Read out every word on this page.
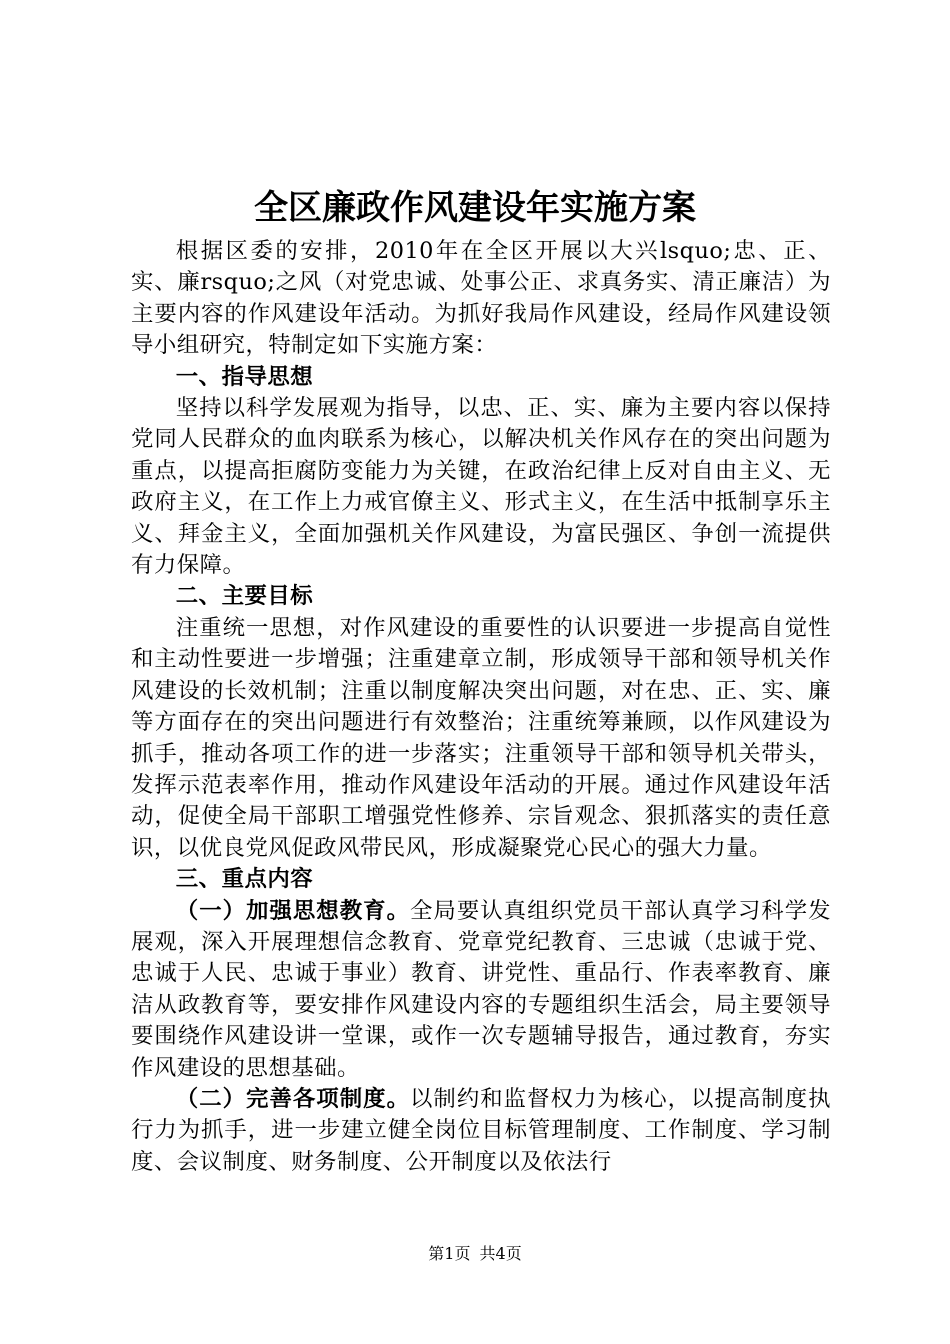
全区廉政作风建设年实施方案

根据区委的安排，2010年在全区开展以大兴lsquo;忠、正、实、廉rsquo;之风（对党忠诚、处事公正、求真务实、清正廉洁）为主要内容的作风建设年活动。为抓好我局作风建设，经局作风建设领导小组研究，特制定如下实施方案：

一、指导思想

坚持以科学发展观为指导，以忠、正、实、廉为主要内容以保持党同人民群众的血肉联系为核心，以解决机关作风存在的突出问题为重点，以提高拒腐防变能力为关键，在政治纪律上反对自由主义、无政府主义，在工作上力戒官僚主义、形式主义，在生活中抵制享乐主义、拜金主义，全面加强机关作风建设，为富民强区、争创一流提供有力保障。

二、主要目标

注重统一思想，对作风建设的重要性的认识要进一步提高自觉性和主动性要进一步增强；注重建章立制，形成领导干部和领导机关作风建设的长效机制；注重以制度解决突出问题，对在忠、正、实、廉等方面存在的突出问题进行有效整治；注重统筹兼顾，以作风建设为抓手，推动各项工作的进一步落实；注重领导干部和领导机关带头，发挥示范表率作用，推动作风建设年活动的开展。通过作风建设年活动，促使全局干部职工增强党性修养、宗旨观念、狠抓落实的责任意识，以优良党风促政风带民风，形成凝聚党心民心的强大力量。

三、重点内容

（一）加强思想教育。全局要认真组织党员干部认真学习科学发展观，深入开展理想信念教育、党章党纪教育、三忠诚（忠诚于党、忠诚于人民、忠诚于事业）教育、讲党性、重品行、作表率教育、廉洁从政教育等，要安排作风建设内容的专题组织生活会，局主要领导要围绕作风建设讲一堂课，或作一次专题辅导报告，通过教育，夯实作风建设的思想基础。

（二）完善各项制度。以制约和监督权力为核心，以提高制度执行力为抓手，进一步建立健全岗位目标管理制度、工作制度、学习制度、会议制度、财务制度、公开制度以及依法行

第1页 共4页
